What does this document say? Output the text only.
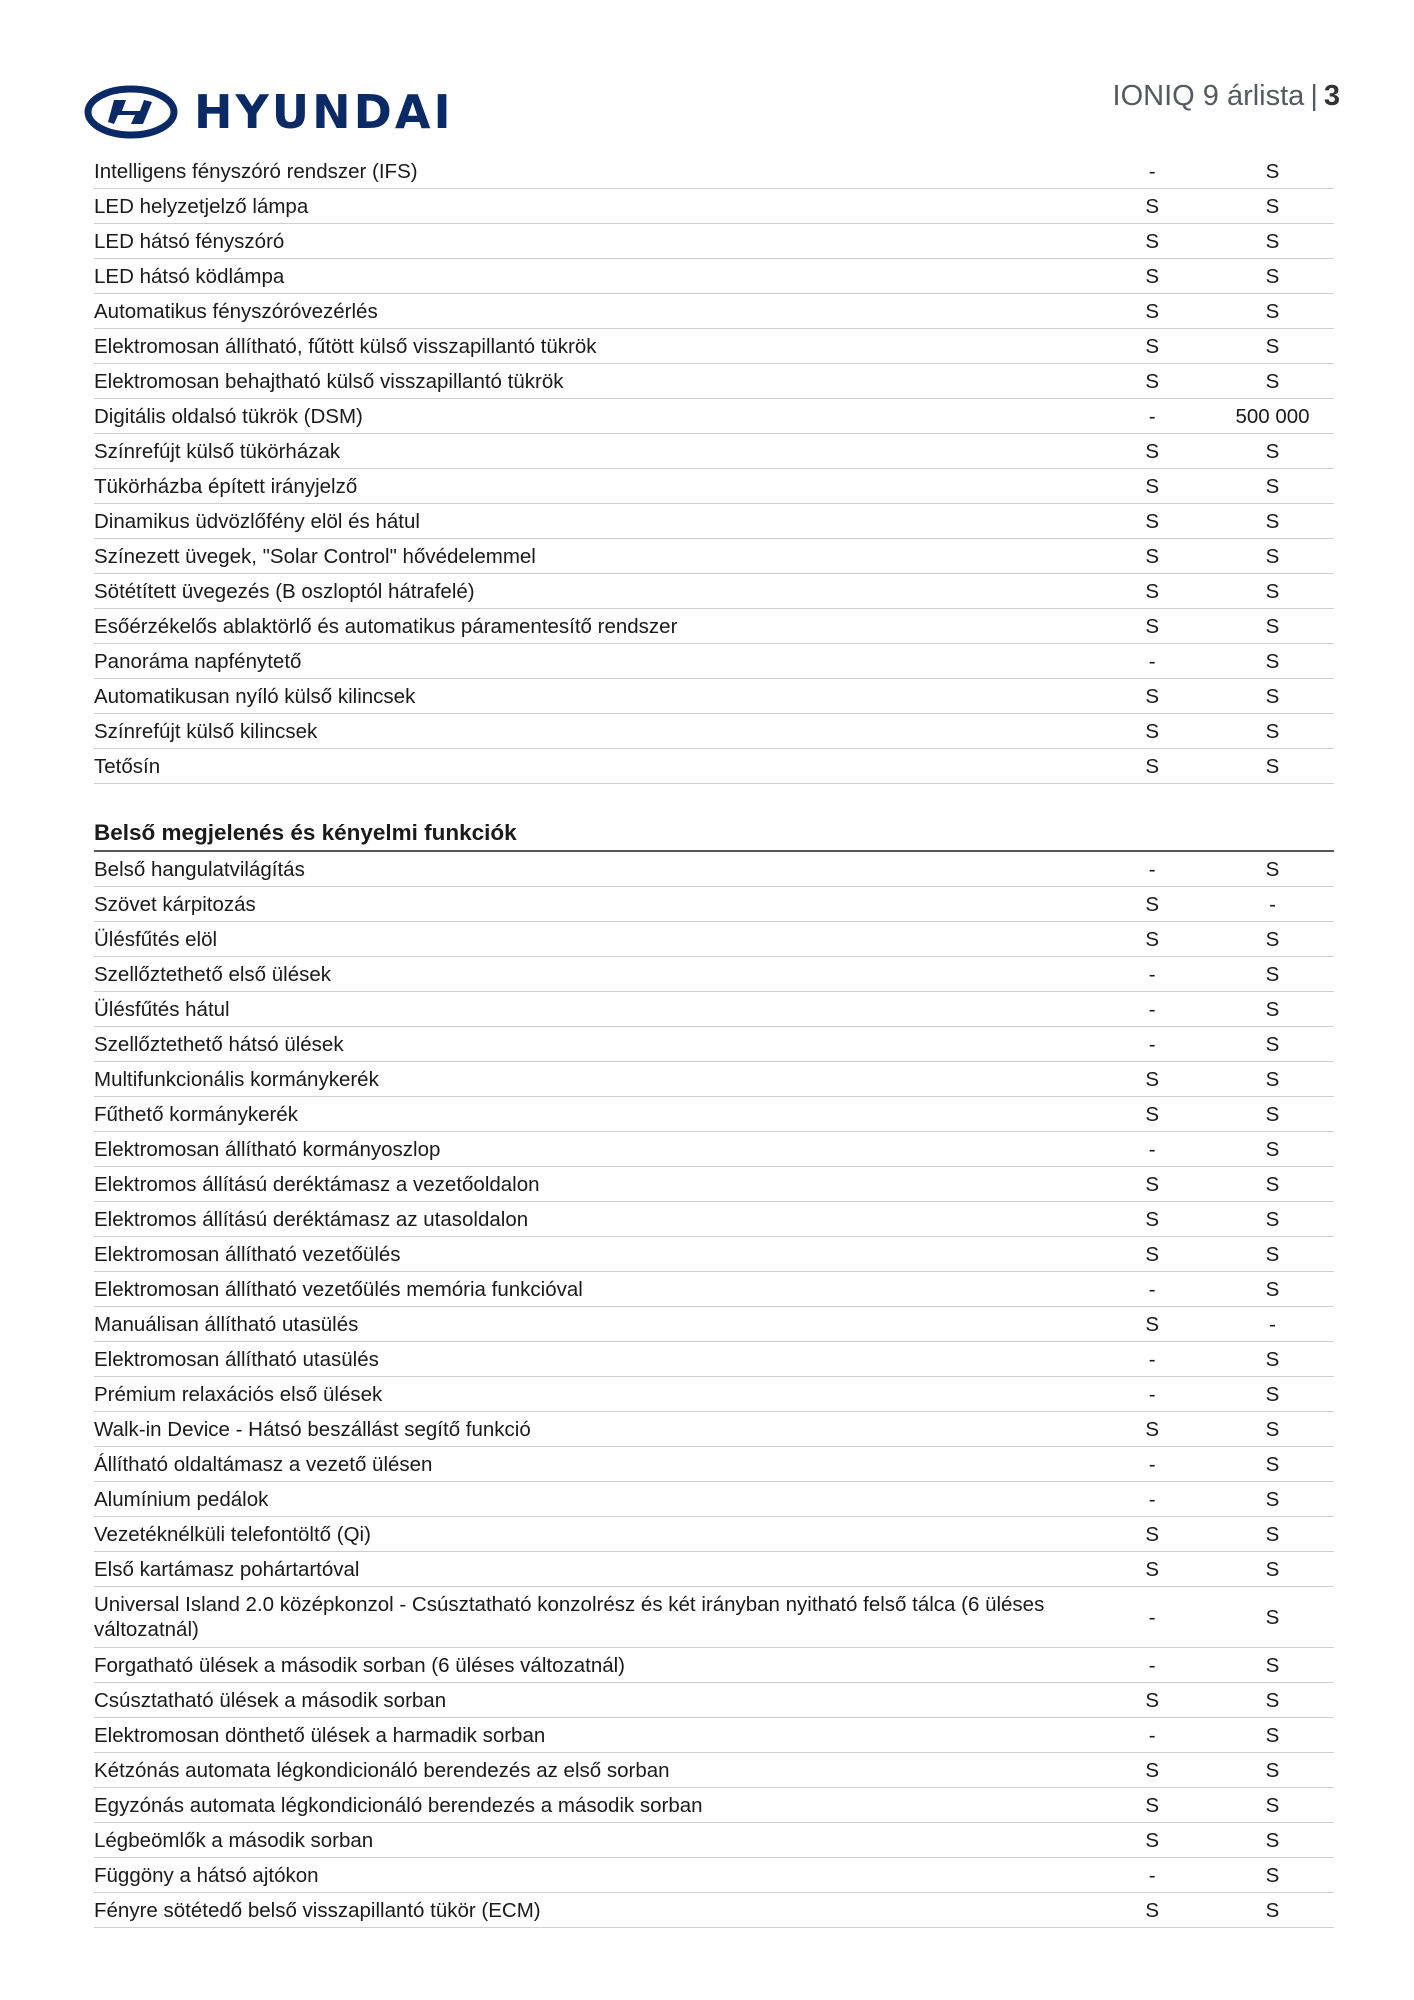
HYUNDAI	IONIQ 9 árlista | 3
Intelligens fényszóró rendszer (IFS)	-	S
LED helyzetjelző lámpa	S	S
LED hátsó fényszóró	S	S
LED hátsó ködlámpa	S	S
Automatikus fényszóróvezérlés	S	S
Elektromosan állítható, fűtött külső visszapillantó tükrök	S	S
Elektromosan behajtható külső visszapillantó tükrök	S	S
Digitális oldalsó tükrök (DSM)	-	500 000
Színrefújt külső tükörházak	S	S
Tükörházba épített irányjelző	S	S
Dinamikus üdvözlőfény elöl és hátul	S	S
Színezett üvegek, "Solar Control" hővédelemmel	S	S
Sötétített üvegezés (B oszloptól hátrafelé)	S	S
Esőérzékelős ablaktörlő és automatikus páramentesítő rendszer	S	S
Panoráma napfénytető	-	S
Automatikusan nyíló külső kilincsek	S	S
Színrefújt külső kilincsek	S	S
Tetősín	S	S
Belső megjelenés és kényelmi funkciók
Belső hangulatvilágítás	-	S
Szövet kárpitozás	S	-
Ülésfűtés elöl	S	S
Szellőztethető első ülések	-	S
Ülésfűtés hátul	-	S
Szellőztethető hátsó ülések	-	S
Multifunkcionális kormánykerék	S	S
Fűthető kormánykerék	S	S
Elektromosan állítható kormányoszlop	-	S
Elektromos állítású deréktámasz a vezetőoldalon	S	S
Elektromos állítású deréktámasz az utasoldalon	S	S
Elektromosan állítható vezetőülés	S	S
Elektromosan állítható vezetőülés memória funkcióval	-	S
Manuálisan állítható utasülés	S	-
Elektromosan állítható utasülés	-	S
Prémium relaxációs első ülések	-	S
Walk-in Device - Hátsó beszállást segítő funkció	S	S
Állítható oldaltámasz a vezető ülésen	-	S
Alumínium pedálok	-	S
Vezetéknélküli telefontöltő (Qi)	S	S
Első kartámasz pohártartóval	S	S
Universal Island 2.0 középkonzol - Csúsztatható konzolrész és két irányban nyitható felső tálca (6 üléses változatnál)
-	S
Forgatható ülések a második sorban (6 üléses változatnál)	-	S
Csúsztatható ülések a második sorban	S	S
Elektromosan dönthető ülések a harmadik sorban	-	S
Kétzónás automata légkondicionáló berendezés az első sorban	S	S
Egyzónás automata légkondicionáló berendezés a második sorban	S	S
Légbeömlők a második sorban	S	S
Függöny a hátsó ajtókon	-	S
Fényre sötétedő belső visszapillantó tükör (ECM)	S	S
